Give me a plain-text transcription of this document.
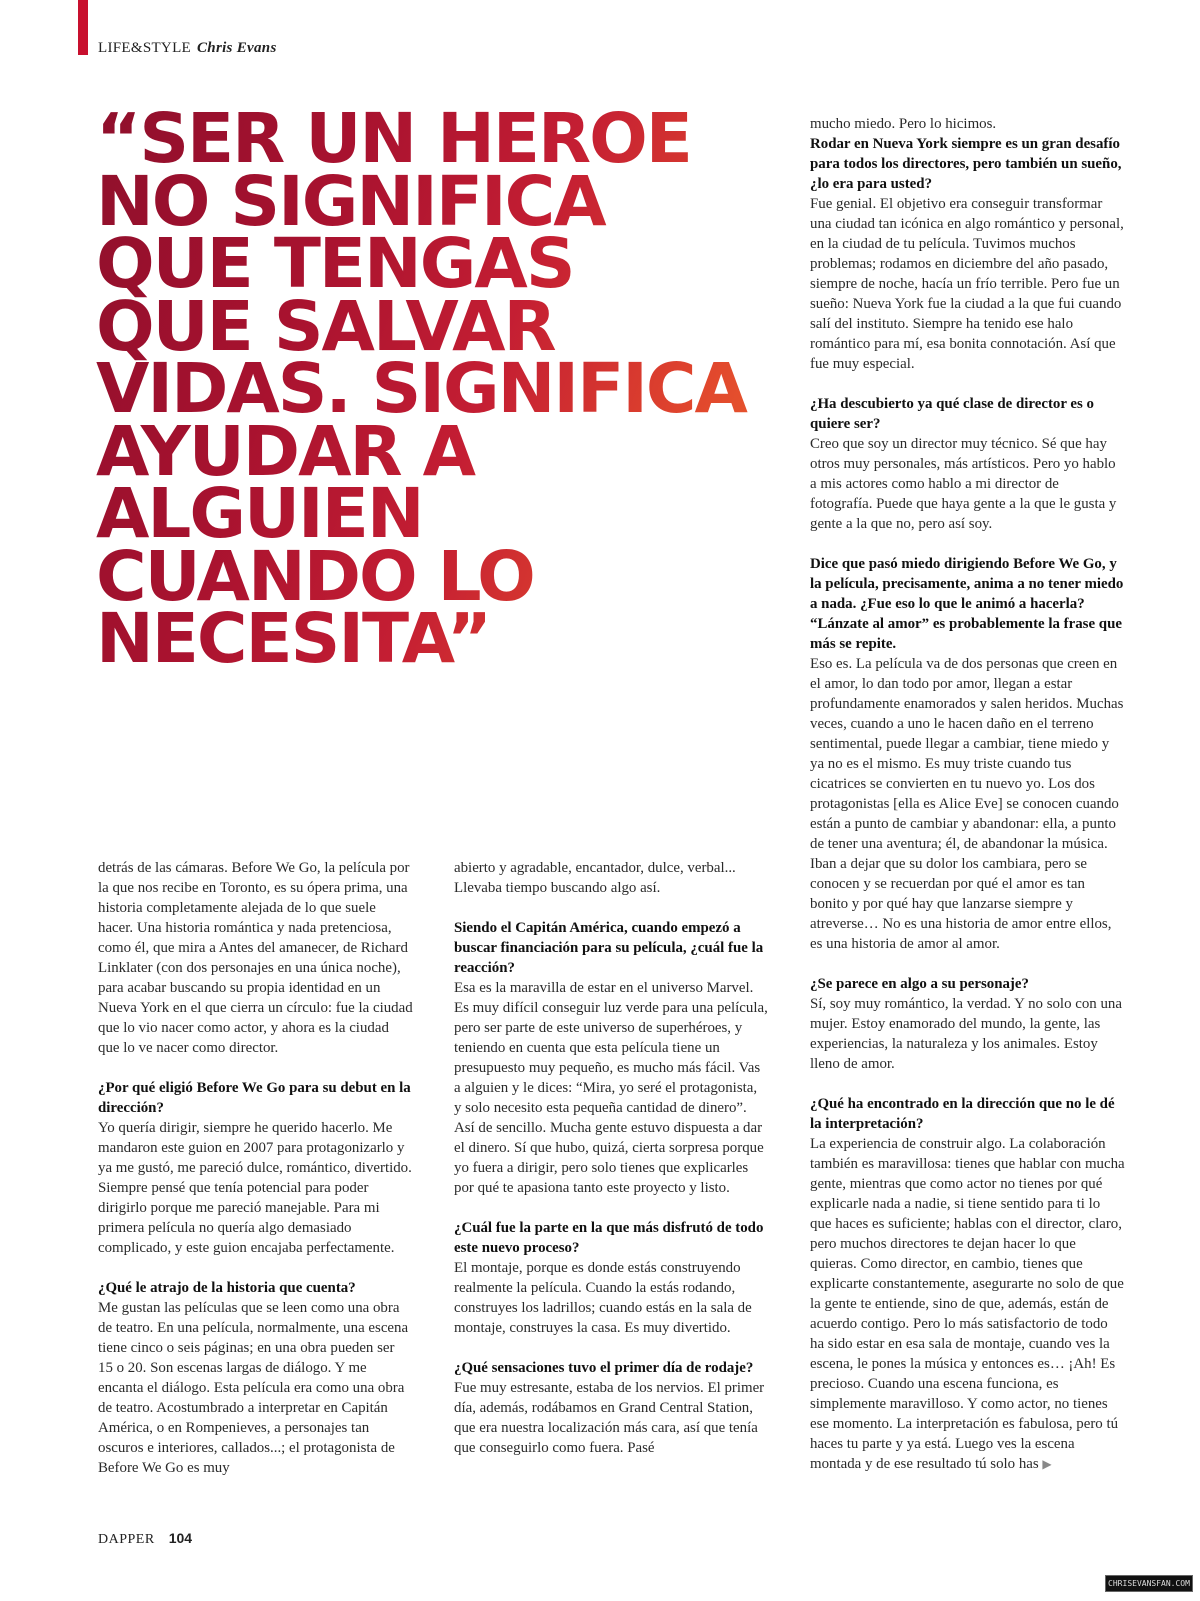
LIFE&STYLE Chris Evans
“SER UN HÉROE
NO SIGNIFICA
QUE TENGAS
QUE SALVAR
VIDAS. SIGNIFICA
AYUDAR A
ALGUIEN
CUANDO LO
NECESITA”

detrás de las cámaras. Before We Go, la película por la que nos recibe en Toronto, es su ópera prima, una historia completamente alejada de lo que suele hacer. Una historia romántica y nada pretenciosa, como él, que mira a Antes del amanecer, de Richard Linklater (con dos personajes en una única noche), para acabar buscando su propia identidad en un Nueva York en el que cierra un círculo: fue la ciudad que lo vio nacer como actor, y ahora es la ciudad que lo ve nacer como director.

¿Por qué eligió Before We Go para su debut en la dirección?

Yo quería dirigir, siempre he querido hacerlo. Me mandaron este guion en 2007 para protagonizarlo y ya me gustó, me pareció dulce, romántico, divertido. Siempre pensé que tenía potencial para poder dirigirlo porque me pareció manejable. Para mi primera película no quería algo demasiado complicado, y este guion encajaba perfectamente.

¿Qué le atrajo de la historia que cuenta?

Me gustan las películas que se leen como una obra de teatro. En una película, normalmente, una escena tiene cinco o seis páginas; en una obra pueden ser 15 o 20. Son escenas largas de diálogo. Y me encanta el diálogo. Esta película era como una obra de teatro. Acostumbrado a interpretar en Capitán América, o en Rompenieves, a personajes tan oscuros e interiores, callados...; el protagonista de Before We Go es muy

abierto y agradable, encantador, dulce, verbal... Llevaba tiempo buscando algo así.

Siendo el Capitán América, cuando empezó a buscar financiación para su película, ¿cuál fue la reacción?

Esa es la maravilla de estar en el universo Marvel. Es muy difícil conseguir luz verde para una película, pero ser parte de este universo de superhéroes, y teniendo en cuenta que esta película tiene un presupuesto muy pequeño, es mucho más fácil. Vas a alguien y le dices: “Mira, yo seré el protagonista, y solo necesito esta pequeña cantidad de dinero”. Así de sencillo. Mucha gente estuvo dispuesta a dar el dinero. Sí que hubo, quizá, cierta sorpresa porque yo fuera a dirigir, pero solo tienes que explicarles por qué te apasiona tanto este proyecto y listo.

¿Cuál fue la parte en la que más disfrutó de todo este nuevo proceso?

El montaje, porque es donde estás construyendo realmente la película. Cuando la estás rodando, construyes los ladrillos; cuando estás en la sala de montaje, construyes la casa. Es muy divertido.

¿Qué sensaciones tuvo el primer día de rodaje?

Fue muy estresante, estaba de los nervios. El primer día, además, rodábamos en Grand Central Station, que era nuestra localización más cara, así que tenía que conseguirlo como fuera. Pasé

mucho miedo. Pero lo hicimos.
Rodar en Nueva York siempre es un gran desafío para todos los directores, pero también un sueño, ¿lo era para usted?

Fue genial. El objetivo era conseguir transformar una ciudad tan icónica en algo romántico y personal, en la ciudad de tu película. Tuvimos muchos problemas; rodamos en diciembre del año pasado, siempre de noche, hacía un frío terrible. Pero fue un sueño: Nueva York fue la ciudad a la que fui cuando salí del instituto. Siempre ha tenido ese halo romántico para mí, esa bonita connotación. Así que fue muy especial.

¿Ha descubierto ya qué clase de director es o quiere ser?

Creo que soy un director muy técnico. Sé que hay otros muy personales, más artísticos. Pero yo hablo a mis actores como hablo a mi director de fotografía. Puede que haya gente a la que le gusta y gente a la que no, pero así soy.

Dice que pasó miedo dirigiendo Before We Go, y la película, precisamente, anima a no tener miedo a nada. ¿Fue eso lo que le animó a hacerla? “Lánzate al amor” es probablemente la frase que más se repite.

Eso es. La película va de dos personas que creen en el amor, lo dan todo por amor, llegan a estar profundamente enamorados y salen heridos. Muchas veces, cuando a uno le hacen daño en el terreno sentimental, puede llegar a cambiar, tiene miedo y ya no es el mismo. Es muy triste cuando tus cicatrices se convierten en tu nuevo yo. Los dos protagonistas [ella es Alice Eve] se conocen cuando están a punto de cambiar y abandonar: ella, a punto de tener una aventura; él, de abandonar la música. Iban a dejar que su dolor los cambiara, pero se conocen y se recuerdan por qué el amor es tan bonito y por qué hay que lanzarse siempre y atreverse… No es una historia de amor entre ellos, es una historia de amor al amor.

¿Se parece en algo a su personaje?

Sí, soy muy romántico, la verdad. Y no solo con una mujer. Estoy enamorado del mundo, la gente, las experiencias, la naturaleza y los animales. Estoy lleno de amor.

¿Qué ha encontrado en la dirección que no le dé la interpretación?

La experiencia de construir algo. La colaboración también es maravillosa: tienes que hablar con mucha gente, mientras que como actor no tienes por qué explicarle nada a nadie, si tiene sentido para ti lo que haces es suficiente; hablas con el director, claro, pero muchos directores te dejan hacer lo que quieras. Como director, en cambio, tienes que explicarte constantemente, asegurarte no solo de que la gente te entiende, sino de que, además, están de acuerdo contigo. Pero lo más satisfactorio de todo ha sido estar en esa sala de montaje, cuando ves la escena, le pones la música y entonces es… ¡Ah! Es precioso. Cuando una escena funciona, es simplemente maravilloso. Y como actor, no tienes ese momento. La interpretación es fabulosa, pero tú haces tu parte y ya está. Luego ves la escena montada y de ese resultado tú solo has ▶

DAPPER 104
CHRISEVANSFAN.COM
